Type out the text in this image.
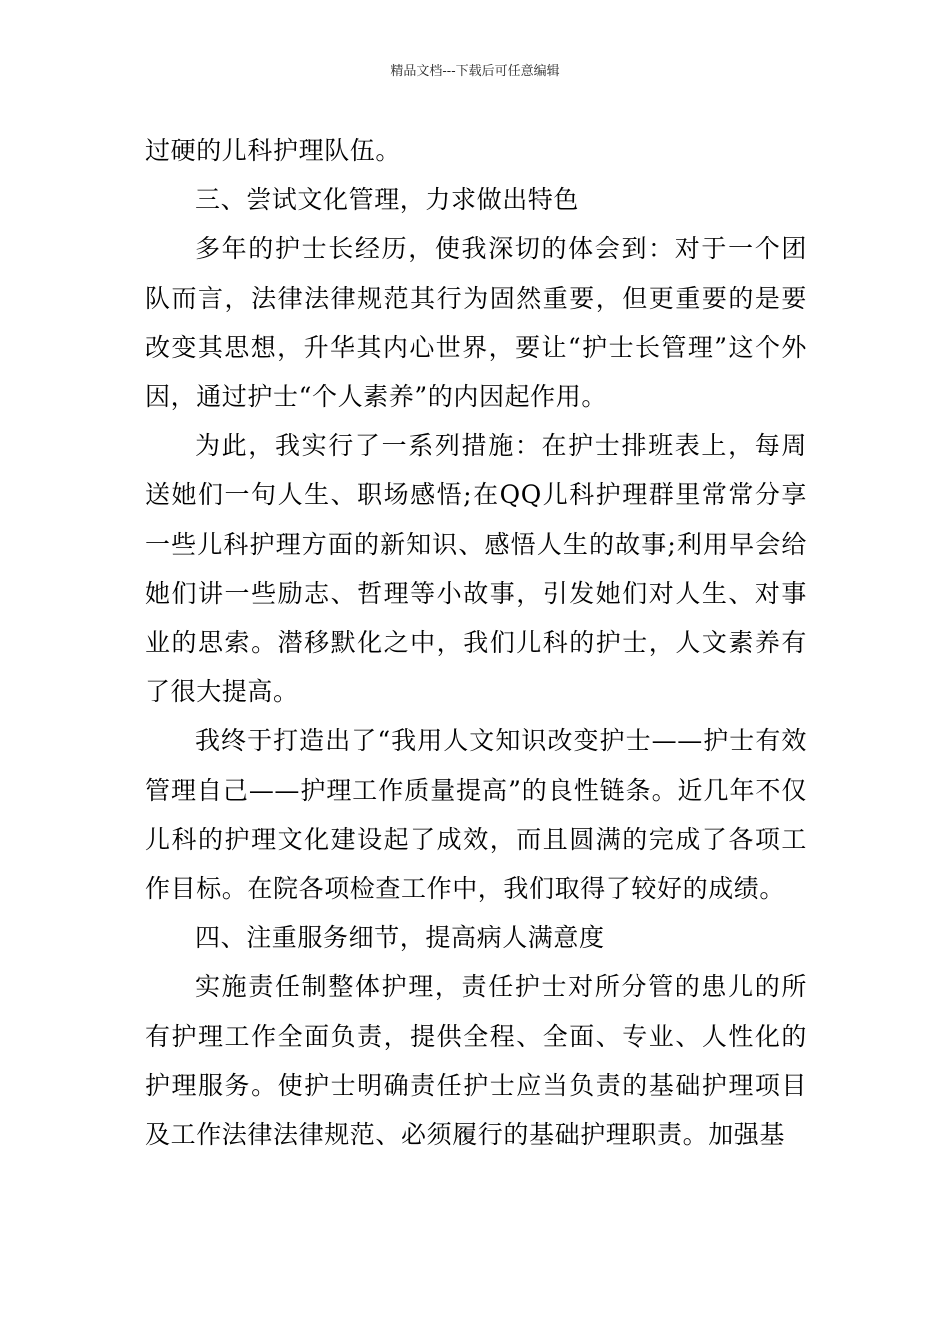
精品文档---下载后可任意编辑

过硬的儿科护理队伍。

三、尝试文化管理，力求做出特色

多年的护士长经历，使我深切的体会到：对于一个团队而言，法律法律规范其行为固然重要，但更重要的是要改变其思想，升华其内心世界，要让“护士长管理”这个外因，通过护士“个人素养”的内因起作用。

为此，我实行了一系列措施：在护士排班表上，每周送她们一句人生、职场感悟;在QQ儿科护理群里常常分享一些儿科护理方面的新知识、感悟人生的故事;利用早会给她们讲一些励志、哲理等小故事，引发她们对人生、对事业的思索。潜移默化之中，我们儿科的护士，人文素养有了很大提高。

我终于打造出了“我用人文知识改变护士——护士有效管理自己——护理工作质量提高”的良性链条。近几年不仅儿科的护理文化建设起了成效，而且圆满的完成了各项工作目标。在院各项检查工作中，我们取得了较好的成绩。

四、注重服务细节，提高病人满意度

实施责任制整体护理，责任护士对所分管的患儿的所有护理工作全面负责，提供全程、全面、专业、人性化的护理服务。使护士明确责任护士应当负责的基础护理项目及工作法律法律规范、必须履行的基础护理职责。加强基
